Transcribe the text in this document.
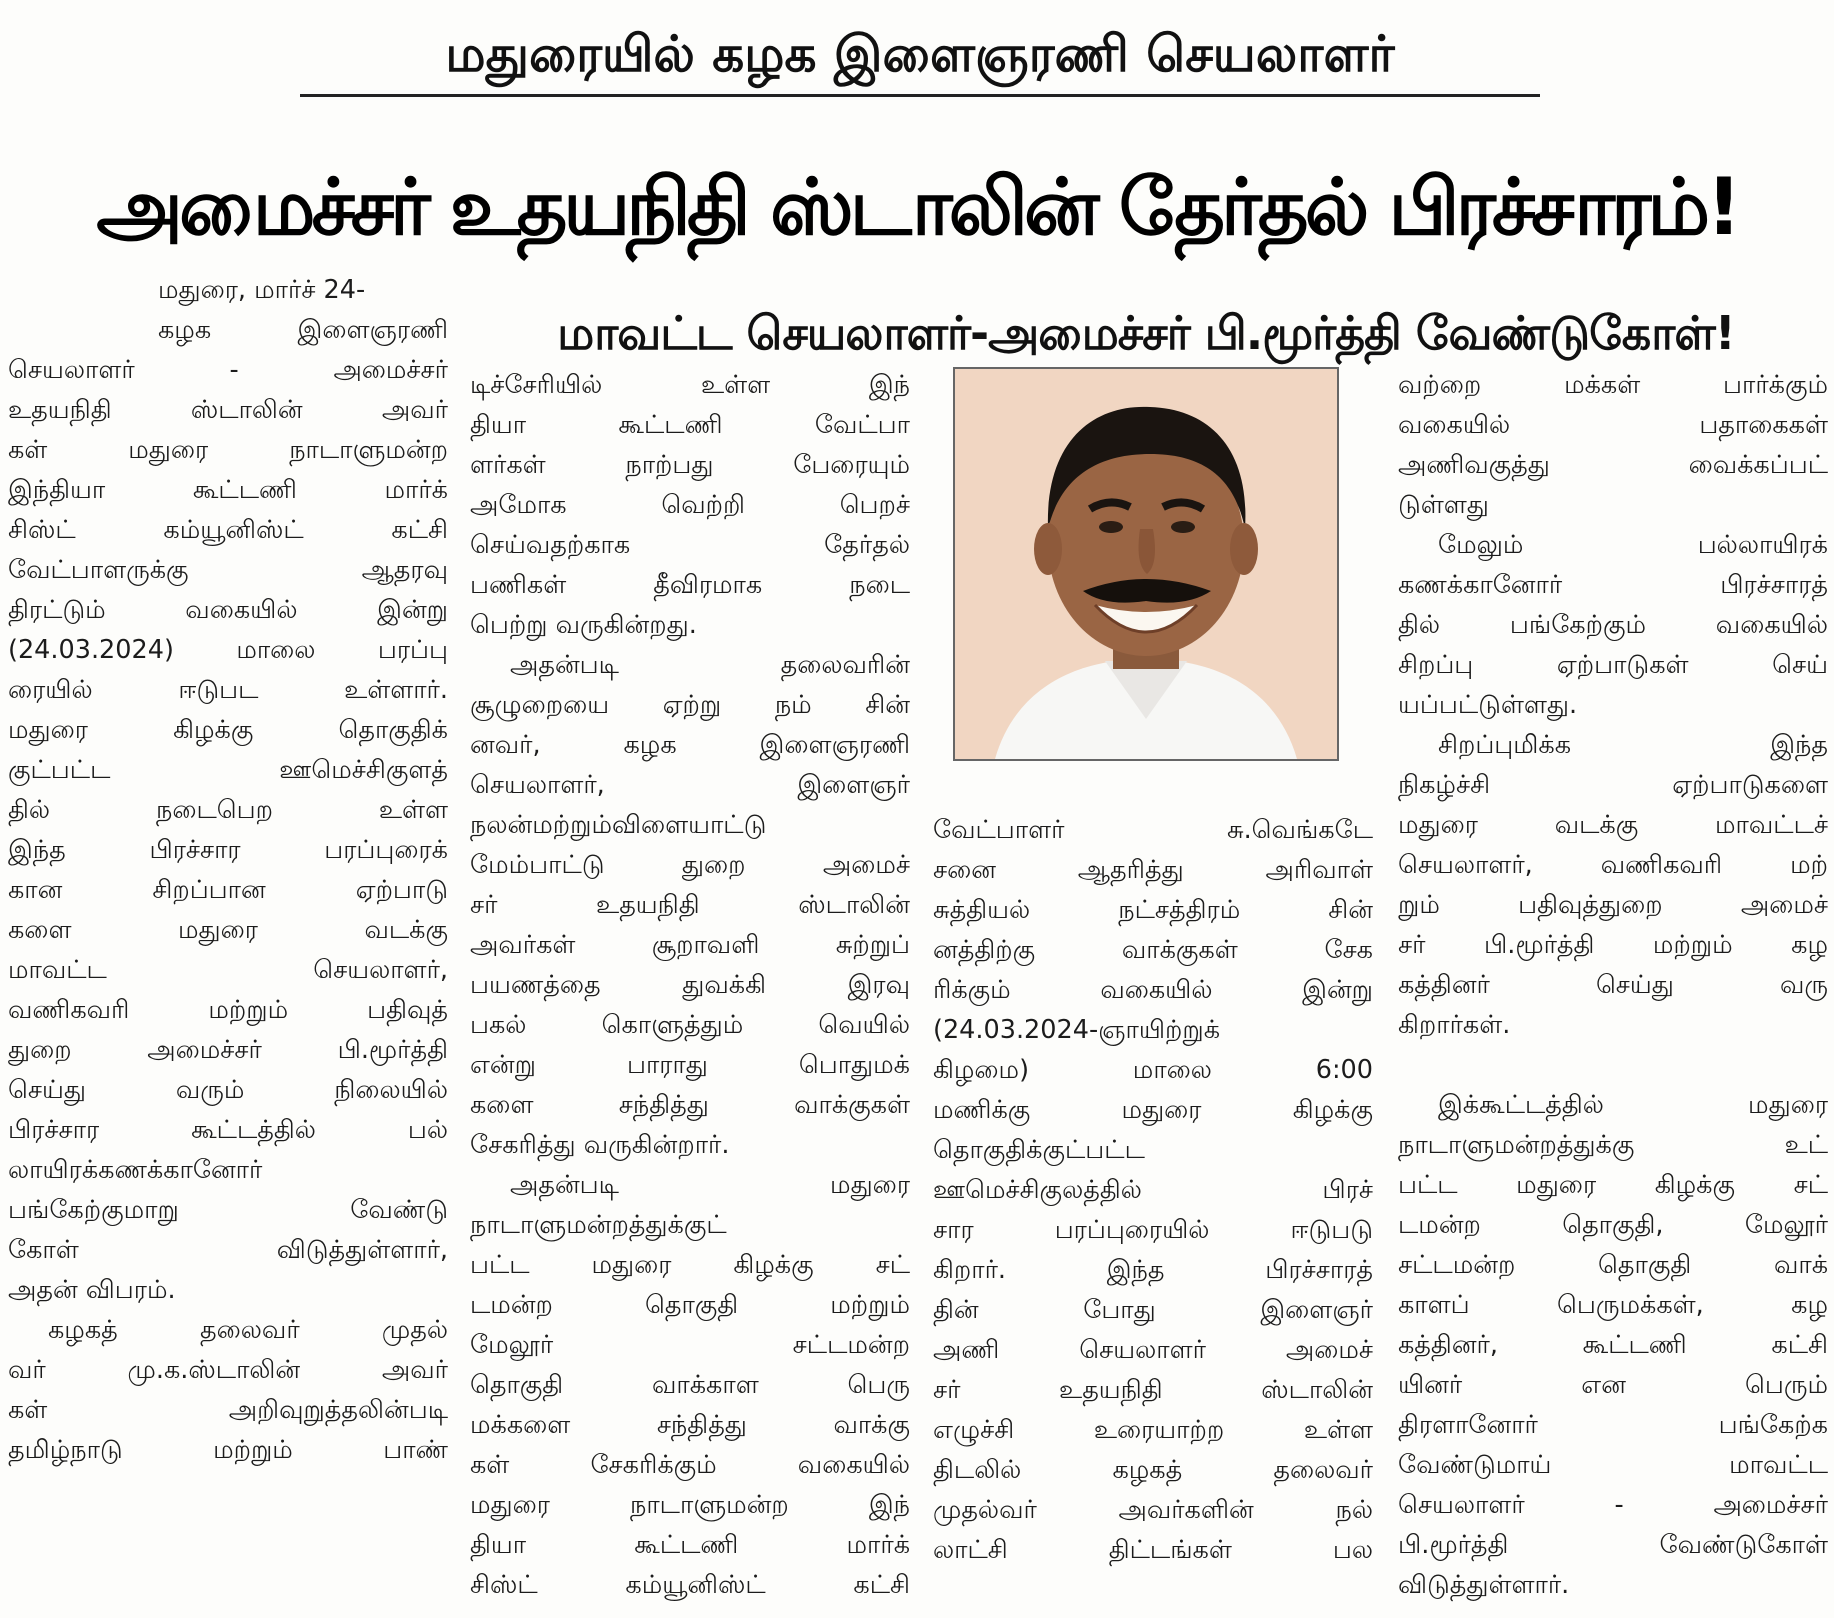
மதுரையில் கழக இளைஞரணி செயலாளர்
அமைச்சர் உதயநிதி ஸ்டாலின் தேர்தல் பிரச்சாரம்!
மதுரை, மார்ச் 24-
கழக இளைஞரணி
செயலாளர் - அமைச்சர்
உதயநிதி ஸ்டாலின் அவர்
கள் மதுரை நாடாளுமன்ற
இந்தியா கூட்டணி மார்க்
சிஸ்ட் கம்யூனிஸ்ட் கட்சி
வேட்பாளருக்கு ஆதரவு
திரட்டும் வகையில் இன்று
(24.03.2024) மாலை பரப்பு
ரையில் ஈடுபட உள்ளார்.
மதுரை கிழக்கு தொகுதிக்
குட்பட்ட ஊமெச்சிகுளத்
தில் நடைபெற உள்ள
இந்த பிரச்சார பரப்புரைக்
கான சிறப்பான ஏற்பாடு
களை மதுரை வடக்கு
மாவட்ட செயலாளர்,
வணிகவரி மற்றும் பதிவுத்
துறை அமைச்சர் பி.மூர்த்தி
செய்து வரும் நிலையில்
பிரச்சார கூட்டத்தில் பல்
லாயிரக்கணக்கானோர்
பங்கேற்குமாறு வேண்டு
கோள் விடுத்துள்ளார்,
அதன் விபரம்.
கழகத் தலைவர் முதல்
வர் மு.க.ஸ்டாலின் அவர்
கள் அறிவுறுத்தலின்படி
தமிழ்நாடு மற்றும் பாண்
மாவட்ட செயலாளர்-அமைச்சர் பி.மூர்த்தி வேண்டுகோள்!
டிச்சேரியில் உள்ள இந்
தியா கூட்டணி வேட்பா
ளர்கள் நாற்பது பேரையும்
அமோக வெற்றி பெறச்
செய்வதற்காக தேர்தல்
பணிகள் தீவிரமாக நடை
பெற்று வருகின்றது.
அதன்படி தலைவரின்
சூழுறையை ஏற்று நம் சின்
னவர், கழக இளைஞரணி
செயலாளர், இளைஞர்
நலன்மற்றும்விளையாட்டு
மேம்பாட்டு துறை அமைச்
சர் உதயநிதி ஸ்டாலின்
அவர்கள் சூறாவளி சுற்றுப்
பயணத்தை துவக்கி இரவு
பகல் கொளுத்தும் வெயில்
என்று பாராது பொதுமக்
களை சந்தித்து வாக்குகள்
சேகரித்து வருகின்றார்.
அதன்படி மதுரை
நாடாளுமன்றத்துக்குட்
பட்ட மதுரை கிழக்கு சட்
டமன்ற தொகுதி மற்றும்
மேலூர் சட்டமன்ற
தொகுதி வாக்காள பெரு
மக்களை சந்தித்து வாக்கு
கள் சேகரிக்கும் வகையில்
மதுரை நாடாளுமன்ற இந்
தியா கூட்டணி மார்க்
சிஸ்ட் கம்யூனிஸ்ட் கட்சி
வேட்பாளர் சு.வெங்கடே
சனை ஆதரித்து அரிவாள்
சுத்தியல் நட்சத்திரம் சின்
னத்திற்கு வாக்குகள் சேக
ரிக்கும் வகையில் இன்று
(24.03.2024-ஞாயிற்றுக்
கிழமை) மாலை 6:00
மணிக்கு மதுரை கிழக்கு
தொகுதிக்குட்பட்ட
ஊமெச்சிகுலத்தில் பிரச்
சார பரப்புரையில் ஈடுபடு
கிறார். இந்த பிரச்சாரத்
தின் போது இளைஞர்
அணி செயலாளர் அமைச்
சர் உதயநிதி ஸ்டாலின்
எழுச்சி உரையாற்ற உள்ள
திடலில் கழகத் தலைவர்
முதல்வர் அவர்களின் நல்
லாட்சி திட்டங்கள் பல
வற்றை மக்கள் பார்க்கும்
வகையில் பதாகைகள்
அணிவகுத்து வைக்கப்பட்
டுள்ளது
மேலும் பல்லாயிரக்
கணக்கானோர் பிரச்சாரத்
தில் பங்கேற்கும் வகையில்
சிறப்பு ஏற்பாடுகள் செய்
யப்பட்டுள்ளது.
சிறப்புமிக்க இந்த
நிகழ்ச்சி ஏற்பாடுகளை
மதுரை வடக்கு மாவட்டச்
செயலாளர், வணிகவரி மற்
றும் பதிவுத்துறை அமைச்
சர் பி.மூர்த்தி மற்றும் கழ
கத்தினர் செய்து வரு
கிறார்கள்.
இக்கூட்டத்தில் மதுரை
நாடாளுமன்றத்துக்கு உட்
பட்ட மதுரை கிழக்கு சட்
டமன்ற தொகுதி, மேலூர்
சட்டமன்ற தொகுதி வாக்
காளப் பெருமக்கள், கழ
கத்தினர், கூட்டணி கட்சி
யினர் என பெரும்
திரளானோர் பங்கேற்க
வேண்டுமாய் மாவட்ட
செயலாளர் - அமைச்சர்
பி.மூர்த்தி வேண்டுகோள்
விடுத்துள்ளார்.
